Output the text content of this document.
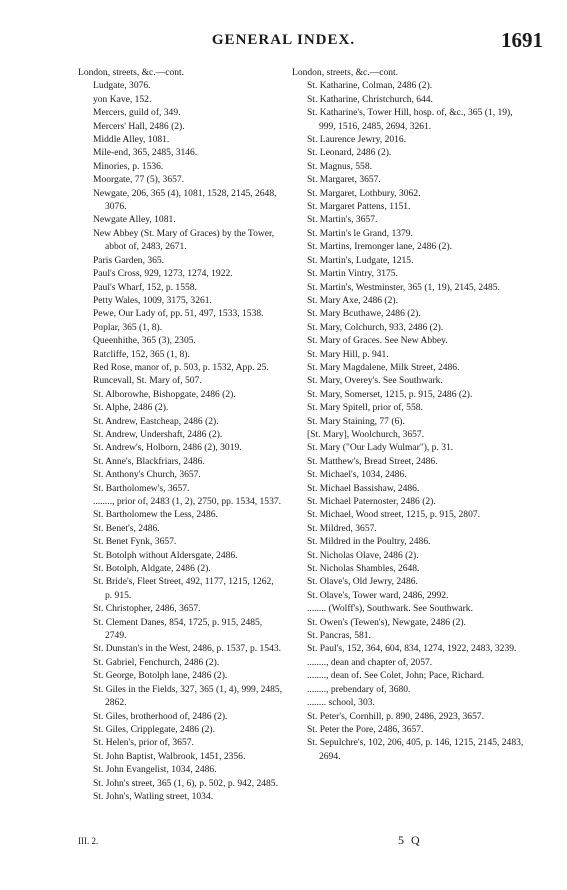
GENERAL INDEX.	1691

London, streets, &c.—cont.

Ludgate, 3076.

yon Kave, 152.

Mercers, guild of, 349.

Mercers' Hall, 2486 (2).

Middle Alley, 1081.

Mile-end, 365, 2485, 3146.

Minories, p. 1536.

Moorgate, 77 (5), 3657.

Newgate, 206, 365 (4), 1081, 1528, 2145, 2648, 3076.

Newgate Alley, 1081.

New Abbey (St. Mary of Graces) by the Tower, abbot of, 2483, 2671.

Paris Garden, 365.

Paul's Cross, 929, 1273, 1274, 1922.

Paul's Wharf, 152, p. 1558.

Petty Wales, 1009, 3175, 3261.

Pewe, Our Lady of, pp. 51, 497, 1533, 1538.

Poplar, 365 (1, 8).

Queenhithe, 365 (3), 2305.

Ratcliffe, 152, 365 (1, 8).

Red Rose, manor of, p. 503, p. 1532, App. 25.

Runcevall, St. Mary of, 507.

St. Alborowhe, Bishopgate, 2486 (2).

St. Alphe, 2486 (2).

St. Andrew, Eastcheap, 2486 (2).

St. Andrew, Undershaft, 2486 (2).

St. Andrew's, Holborn, 2486 (2), 3019.

St. Anne's, Blackfriars, 2486.

St. Anthony's Church, 3657.

St. Bartholomew's, 3657.

........, prior of, 2483 (1, 2), 2750, pp. 1534, 1537.

St. Bartholomew the Less, 2486.

St. Benet's, 2486.

St. Benet Fynk, 3657.

St. Botolph without Aldersgate, 2486.

St. Botolph, Aldgate, 2486 (2).

St. Bride's, Fleet Street, 492, 1177, 1215, 1262, p. 915.

St. Christopher, 2486, 3657.

St. Clement Danes, 854, 1725, p. 915, 2485, 2749.

St. Dunstan's in the West, 2486, p. 1537, p. 1543.

St. Gabriel, Fenchurch, 2486 (2).

St. George, Botolph lane, 2486 (2).

St. Giles in the Fields, 327, 365 (1, 4), 999, 2485, 2862.

St. Giles, brotherhood of, 2486 (2).

St. Giles, Cripplegate, 2486 (2).

St. Helen's, prior of, 3657.

St. John Baptist, Walbrook, 1451, 2356.

St. John Evangelist, 1034, 2486.

St. John's street, 365 (1, 6), p. 502, p. 942, 2485.

St. John's, Watling street, 1034.

London, streets, &c.—cont.

St. Katharine, Colman, 2486 (2).

St. Katharine, Christchurch, 644.

St. Katharine's, Tower Hill, hosp. of, &c., 365 (1, 19), 999, 1516, 2485, 2694, 3261.

St. Laurence Jewry, 2016.

St. Leonard, 2486 (2).

St. Magnus, 558.

St. Margaret, 3657.

St. Margaret, Lothbury, 3062.

St. Margaret Pattens, 1151.

St. Martin's, 3657.

St. Martin's le Grand, 1379.

St. Martins, Iremonger lane, 2486 (2).

St. Martin's, Ludgate, 1215.

St. Martin Vintry, 3175.

St. Martin's, Westminster, 365 (1, 19), 2145, 2485.

St. Mary Axe, 2486 (2).

St. Mary Bcuthawe, 2486 (2).

St. Mary, Colchurch, 933, 2486 (2).

St. Mary of Graces. See New Abbey.

St. Mary Hill, p. 941.

St. Mary Magdalene, Milk Street, 2486.

St. Mary, Overey's. See Southwark.

St. Mary, Somerset, 1215, p. 915, 2486 (2).

St. Mary Spitell, prior of, 558.

St. Mary Staining, 77 (6).

[St. Mary], Woolchurch, 3657.

St. Mary ("Our Lady Wulmar"), p. 31.

St. Matthew's, Bread Street, 2486.

St. Michael's, 1034, 2486.

St. Michael Bassishaw, 2486.

St. Michael Paternoster, 2486 (2).

St. Michael, Wood street, 1215, p. 915, 2807.

St. Mildred, 3657.

St. Mildred in the Poultry, 2486.

St. Nicholas Olave, 2486 (2).

St. Nicholas Shambles, 2648.

St. Olave's, Old Jewry, 2486.

St. Olave's, Tower ward, 2486, 2992.

........ (Wolff's), Southwark. See Southwark.

St. Owen's (Tewen's), Newgate, 2486 (2).

St. Pancras, 581.

St. Paul's, 152, 364, 604, 834, 1274, 1922, 2483, 3239.

........, dean and chapter of, 2057.

........, dean of. See Colet, John; Pace, Richard.

........, prebendary of, 3680.

........ school, 303.

St. Peter's, Cornhill, p. 890, 2486, 2923, 3657.

St. Peter the Pore, 2486, 3657.

St. Sepulchre's, 102, 206, 405, p. 146, 1215, 2145, 2483, 2694.

III. 2.	5 Q
